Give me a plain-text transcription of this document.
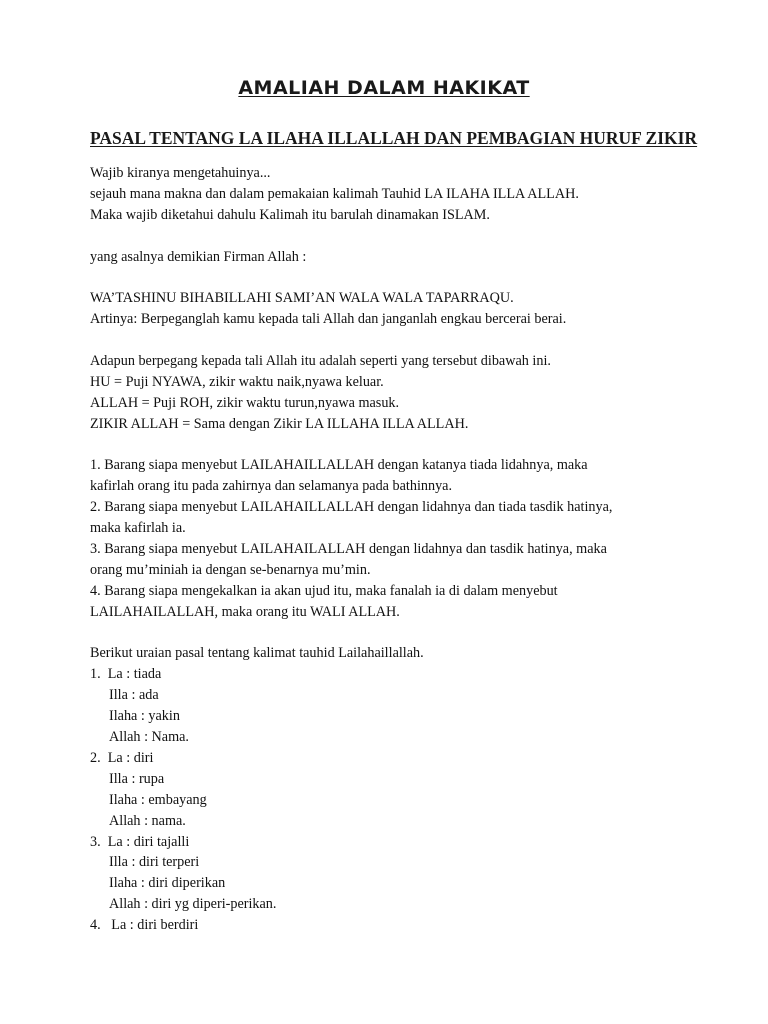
AMALIAH DALAM HAKIKAT
PASAL TENTANG LA ILAHA ILLALLAH DAN PEMBAGIAN HURUF ZIKIR
Wajib kiranya mengetahuinya...
sejauh mana makna dan dalam pemakaian kalimah Tauhid LA ILAHA ILLA ALLAH.
Maka wajib diketahui dahulu Kalimah itu barulah dinamakan ISLAM.
yang asalnya demikian Firman Allah :
WA’TASHINU BIHABILLAHI SAMI’AN WALA WALA TAPARRAQU.
Artinya: Berpeganglah kamu kepada tali Allah dan janganlah engkau bercerai berai.
Adapun berpegang kepada tali Allah itu adalah seperti yang tersebut dibawah ini.
HU = Puji NYAWA, zikir waktu naik,nyawa keluar.
ALLAH = Puji ROH, zikir waktu turun,nyawa masuk.
ZIKIR ALLAH = Sama dengan Zikir LA ILLAHA ILLA ALLAH.
1. Barang siapa menyebut LAILAHAILLALLAH dengan katanya tiada lidahnya, maka
kafirlah orang itu pada zahirnya dan selamanya pada bathinnya.
2. Barang siapa menyebut LAILAHAILLALLAH dengan lidahnya dan tiada tasdik hatinya,
maka kafirlah ia.
3. Barang siapa menyebut LAILAHAILALLAH dengan lidahnya dan tasdik hatinya, maka
orang mu’miniah ia dengan se-benarnya mu’min.
4. Barang siapa mengekalkan ia akan ujud itu, maka fanalah ia di dalam menyebut
LAILAHAILALLAH, maka orang itu WALI ALLAH.
Berikut uraian pasal tentang kalimat tauhid Lailahaillallah.
1.  La : tiada
Illa : ada
Ilaha : yakin
Allah : Nama.
2.  La : diri
Illa : rupa
Ilaha : embayang
Allah : nama.
3.  La : diri tajalli
Illa : diri terperi
Ilaha : diri diperikan
Allah : diri yg diperi-perikan.
4.   La : diri berdiri
